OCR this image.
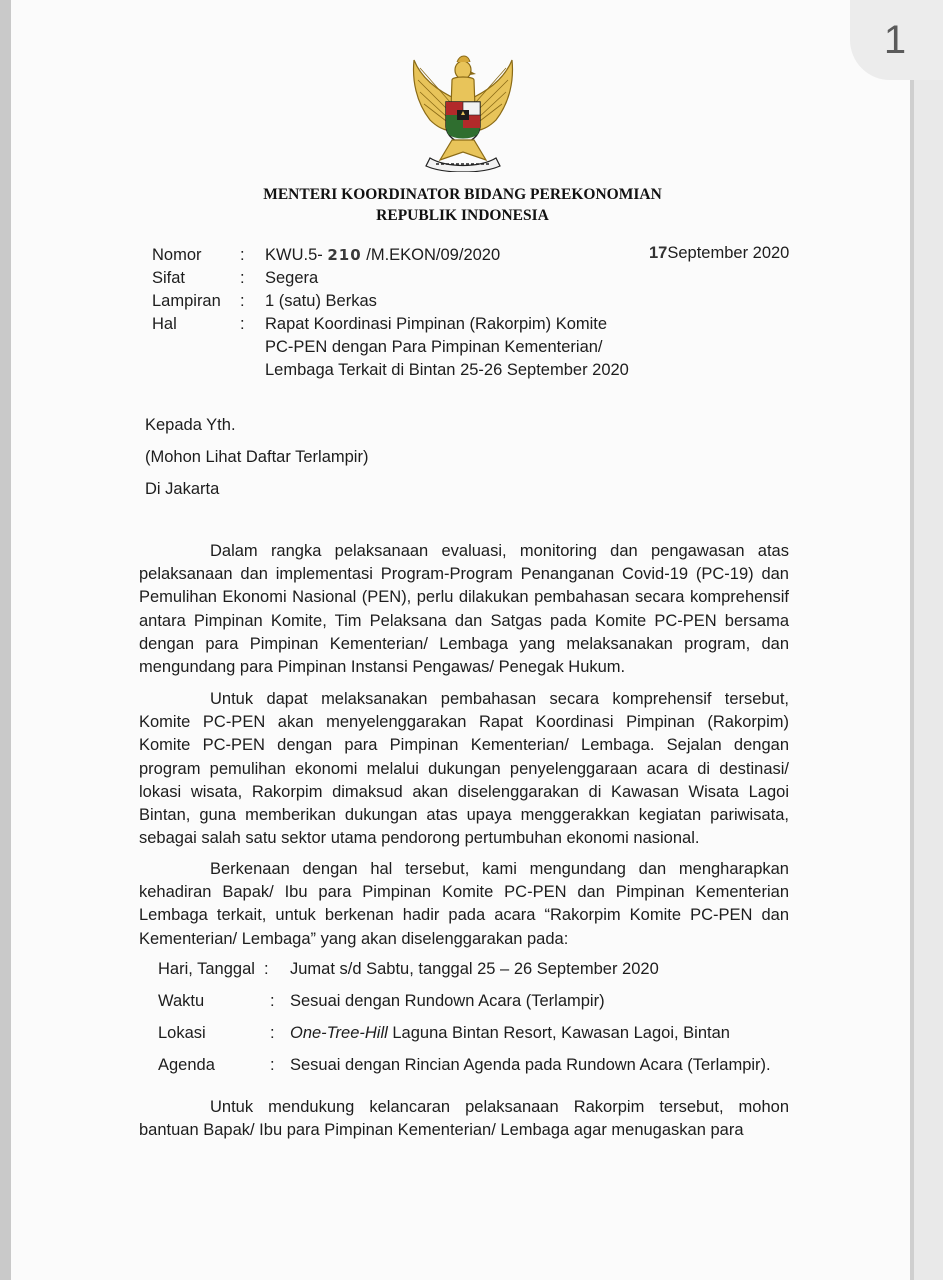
1
MENTERI KOORDINATOR BIDANG PEREKONOMIAN
REPUBLIK INDONESIA
Nomor : KWU.5- 210 /M.EKON/09/2020	17September 2020
Sifat	: Segera
Lampiran : 1 (satu) Berkas
Hal	: Rapat Koordinasi Pimpinan (Rakorpim) Komite
PC-PEN dengan Para Pimpinan Kementerian/
Lembaga Terkait di Bintan 25-26 September 2020
Kepada Yth.
(Mohon Lihat Daftar Terlampir)
Di Jakarta
Dalam rangka pelaksanaan evaluasi, monitoring dan pengawasan atas pelaksanaan dan implementasi Program-Program Penanganan Covid-19 (PC-19) dan Pemulihan Ekonomi Nasional (PEN), perlu dilakukan pembahasan secara komprehensif antara Pimpinan Komite, Tim Pelaksana dan Satgas pada Komite PC-PEN bersama dengan para Pimpinan Kementerian/ Lembaga yang melaksanakan program, dan mengundang para Pimpinan Instansi Pengawas/ Penegak Hukum.
Untuk dapat melaksanakan pembahasan secara komprehensif tersebut, Komite PC-PEN akan menyelenggarakan Rapat Koordinasi Pimpinan (Rakorpim) Komite PC-PEN dengan para Pimpinan Kementerian/ Lembaga. Sejalan dengan program pemulihan ekonomi melalui dukungan penyelenggaraan acara di destinasi/ lokasi wisata, Rakorpim dimaksud akan diselenggarakan di Kawasan Wisata Lagoi Bintan, guna memberikan dukungan atas upaya menggerakkan kegiatan pariwisata, sebagai salah satu sektor utama pendorong pertumbuhan ekonomi nasional.
Berkenaan dengan hal tersebut, kami mengundang dan mengharapkan kehadiran Bapak/ Ibu para Pimpinan Komite PC-PEN dan Pimpinan Kementerian Lembaga terkait, untuk berkenan hadir pada acara “Rakorpim Komite PC-PEN dan Kementerian/ Lembaga” yang akan diselenggarakan pada:
Hari, Tanggal : Jumat s/d Sabtu, tanggal 25 – 26 September 2020
Waktu	: Sesuai dengan Rundown Acara (Terlampir)
Lokasi	: One-Tree-Hill Laguna Bintan Resort, Kawasan Lagoi, Bintan
Agenda	: Sesuai dengan Rincian Agenda pada Rundown Acara (Terlampir).
Untuk mendukung kelancaran pelaksanaan Rakorpim tersebut, mohon bantuan Bapak/ Ibu para Pimpinan Kementerian/ Lembaga agar menugaskan para
